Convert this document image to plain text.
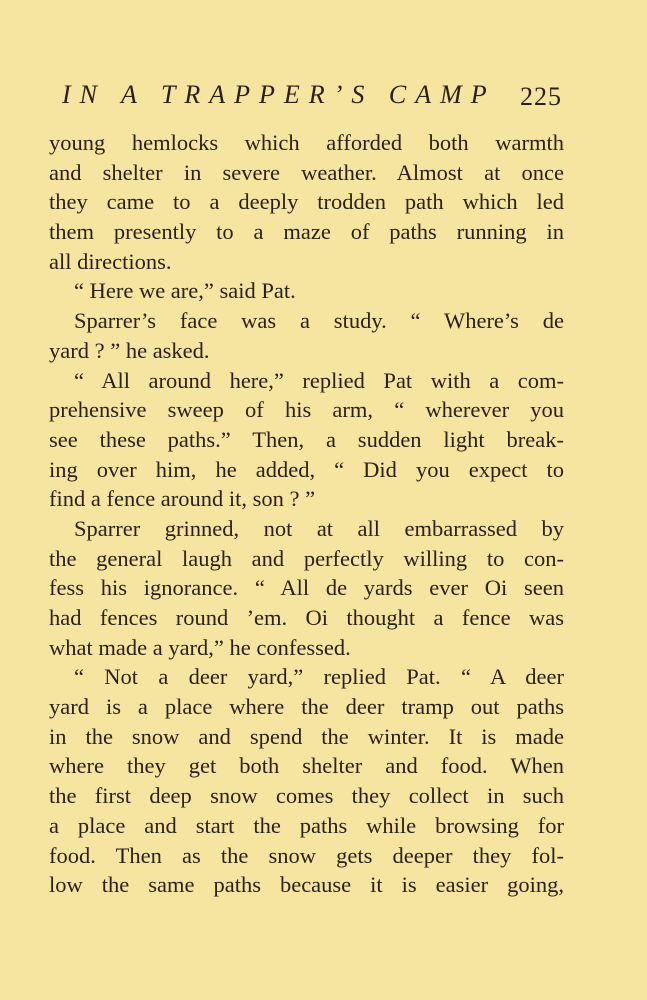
IN A TRAPPER’S CAMP 225
young hemlocks which afforded both warmth
and shelter in severe weather. Almost at once
they came to a deeply trodden path which led
them presently to a maze of paths running in
all directions.
“ Here we are,” said Pat.
Sparrer’s face was a study. “ Where’s de
yard ? ” he asked.
“ All around here,” replied Pat with a com-
prehensive sweep of his arm, “ wherever you
see these paths.” Then, a sudden light break-
ing over him, he added, “ Did you expect to
find a fence around it, son ? ”
Sparrer grinned, not at all embarrassed by
the general laugh and perfectly willing to con-
fess his ignorance. “ All de yards ever Oi seen
had fences round ’em. Oi thought a fence was
what made a yard,” he confessed.
“ Not a deer yard,” replied Pat. “ A deer
yard is a place where the deer tramp out paths
in the snow and spend the winter. It is made
where they get both shelter and food. When
the first deep snow comes they collect in such
a place and start the paths while browsing for
food. Then as the snow gets deeper they fol-
low the same paths because it is easier going,
